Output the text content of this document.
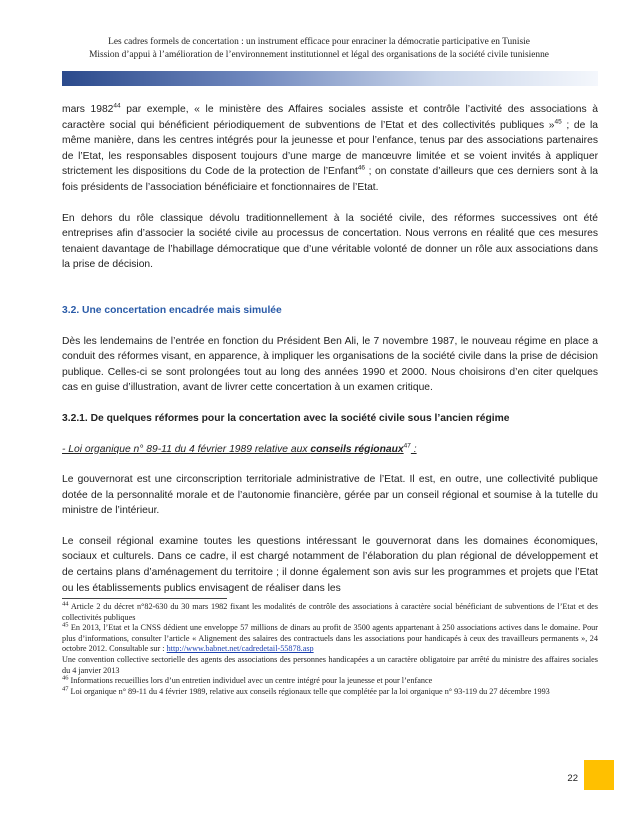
Les cadres formels de concertation : un instrument efficace pour enraciner la démocratie participative en Tunisie
Mission d’appui à l’amélioration de l’environnement institutionnel et légal des organisations de la société civile tunisienne

mars 1982$^{44}$ par exemple, « le ministère des Affaires sociales assiste et contrôle l’activité des associations à caractère social qui bénéficient périodiquement de subventions de l’Etat et des collectivités publiques »$^{45}$ ; de la même manière, dans les centres intégrés pour la jeunesse et pour l’enfance, tenus par des associations partenaires de l’Etat, les responsables disposent toujours d’une marge de manœuvre limitée et se voient invités à appliquer strictement les dispositions du Code de la protection de l’Enfant$^{46}$ ; on constate d’ailleurs que ces derniers sont à la fois présidents de l’association bénéficiaire et fonctionnaires de l’Etat.

En dehors du rôle classique dévolu traditionnellement à la société civile, des réformes successives ont été entreprises afin d’associer la société civile au processus de concertation. Nous verrons en réalité que ces mesures tenaient davantage de l’habillage démocratique que d’une véritable volonté de donner un rôle aux associations dans la prise de décision.

3.2. Une concertation encadrée mais simulée

Dès les lendemains de l’entrée en fonction du Président Ben Ali, le 7 novembre 1987, le nouveau régime en place a conduit des réformes visant, en apparence, à impliquer les organisations de la société civile dans la prise de décision publique. Celles-ci se sont prolongées tout au long des années 1990 et 2000. Nous choisirons d’en citer quelques cas en guise d’illustration, avant de livrer cette concertation à un examen critique.

3.2.1. De quelques réformes pour la concertation avec la société civile sous l’ancien régime

- Loi organique n° 89-11 du 4 février 1989 relative aux conseils régionaux$^{47}$ :

Le gouvernorat est une circonscription territoriale administrative de l’Etat. Il est, en outre, une collectivité publique dotée de la personnalité morale et de l’autonomie financière, gérée par un conseil régional et soumise à la tutelle du ministre de l’intérieur.

Le conseil régional examine toutes les questions intéressant le gouvernorat dans les domaines économiques, sociaux et culturels. Dans ce cadre, il est chargé notamment de l’élaboration du plan régional de développement et de certains plans d’aménagement du territoire ; il donne également son avis sur les programmes et projets que l’Etat ou les établissements publics envisagent de réaliser dans les

$^{44}$ Article 2 du décret n°82-630 du 30 mars 1982 fixant les modalités de contrôle des associations à caractère social bénéficiant de subventions de l’Etat et des collectivités publiques

$^{45}$ En 2013, l’Etat et la CNSS dédient une enveloppe 57 millions de dinars au profit de 3500 agents appartenant à 250 associations actives dans le domaine. Pour plus d’informations, consulter l’article « Alignement des salaires des contractuels dans les associations pour handicapés à ceux des travailleurs permanents », 24 octobre 2012. Consultable sur : http://www.babnet.net/cadredetail-55878.asp

Une convention collective sectorielle des agents des associations des personnes handicapées a un caractère obligatoire par arrêté du ministre des affaires sociales du 4 janvier 2013

$^{46}$ Informations recueillies lors d’un entretien individuel avec un centre intégré pour la jeunesse et pour l’enfance

$^{47}$ Loi organique n° 89-11 du 4 février 1989, relative aux conseils régionaux telle que complétée par la loi organique n° 93-119 du 27 décembre 1993

22
